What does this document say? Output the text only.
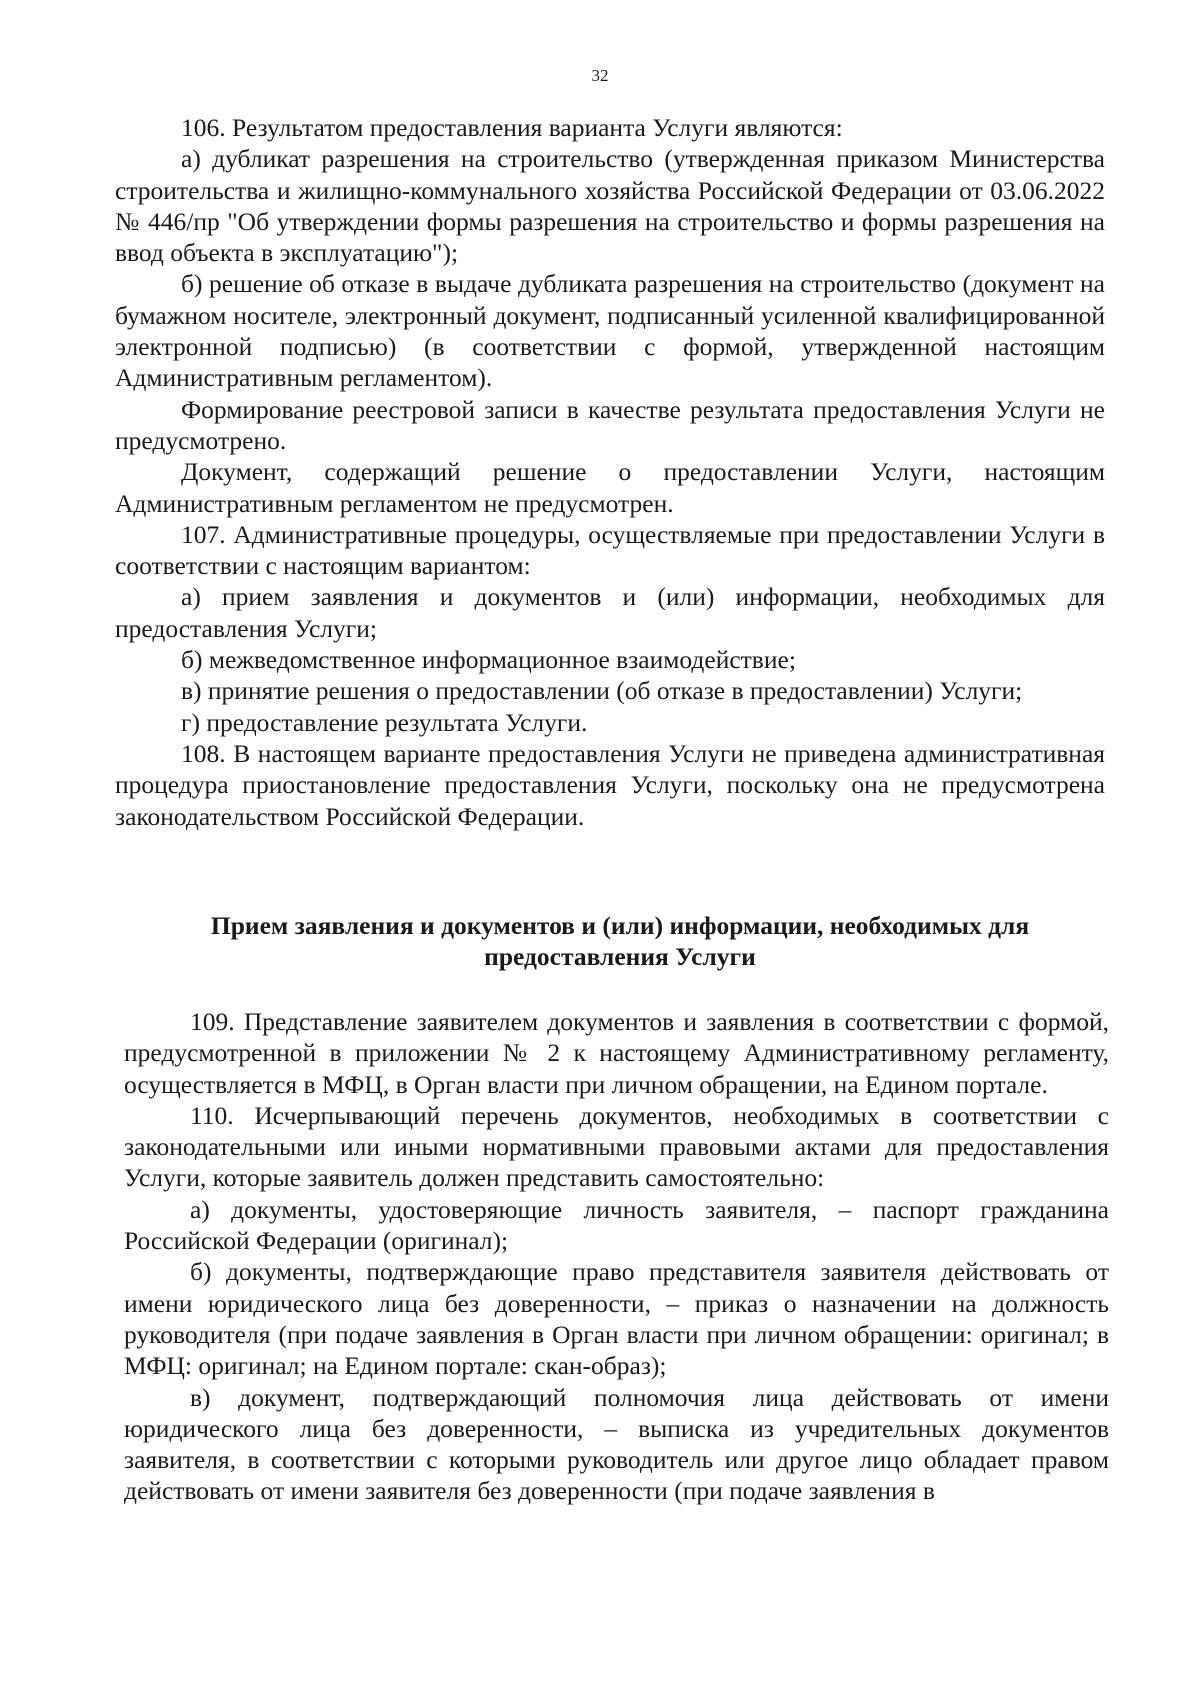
32

106. Результатом предоставления варианта Услуги являются:

а) дубликат разрешения на строительство (утвержденная приказом Министерства строительства и жилищно-коммунального хозяйства Российской Федерации от 03.06.2022 № 446/пр "Об утверждении формы разрешения на строительство и формы разрешения на ввод объекта в эксплуатацию");

б) решение об отказе в выдаче дубликата разрешения на строительство (документ на бумажном носителе, электронный документ, подписанный усиленной квалифицированной электронной подписью) (в соответствии с формой, утвержденной настоящим Административным регламентом).

Формирование реестровой записи в качестве результата предоставления Услуги не предусмотрено.

Документ, содержащий решение о предоставлении Услуги, настоящим Административным регламентом не предусмотрен.

107. Административные процедуры, осуществляемые при предоставлении Услуги в соответствии с настоящим вариантом:

а) прием заявления и документов и (или) информации, необходимых для предоставления Услуги;

б) межведомственное информационное взаимодействие;

в) принятие решения о предоставлении (об отказе в предоставлении) Услуги;

г) предоставление результата Услуги.

108. В настоящем варианте предоставления Услуги не приведена административная процедура приостановление предоставления Услуги, поскольку она не предусмотрена законодательством Российской Федерации.

Прием заявления и документов и (или) информации, необходимых для
предоставления Услуги

109. Представление заявителем документов и заявления в соответствии с формой, предусмотренной в приложении № 2 к настоящему Административному регламенту, осуществляется в МФЦ, в Орган власти при личном обращении, на Едином портале.

110. Исчерпывающий перечень документов, необходимых в соответствии с законодательными или иными нормативными правовыми актами для предоставления Услуги, которые заявитель должен представить самостоятельно:

а) документы, удостоверяющие личность заявителя, – паспорт гражданина Российской Федерации (оригинал);

б) документы, подтверждающие право представителя заявителя действовать от имени юридического лица без доверенности, – приказ о назначении на должность руководителя (при подаче заявления в Орган власти при личном обращении: оригинал; в МФЦ: оригинал; на Едином портале: скан-образ);

в) документ, подтверждающий полномочия лица действовать от имени юридического лица без доверенности, – выписка из учредительных документов заявителя, в соответствии с которыми руководитель или другое лицо обладает правом действовать от имени заявителя без доверенности (при подаче заявления в
